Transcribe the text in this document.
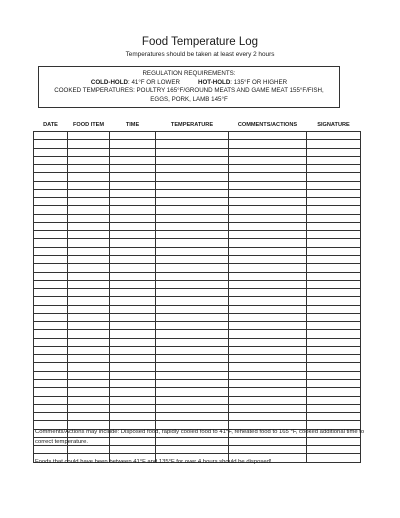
Food Temperature Log
Temperatures should be taken at least every 2 hours
REGULATION REQUIREMENTS:
COLD-HOLD: 41°F OR LOWER	HOT-HOLD: 135°F OR HIGHER
COOKED TEMPERATURES: POULTRY 165°F/GROUND MEATS AND GAME MEAT 155°F/FISH,
EGGS, PORK, LAMB 145°F
DATE	FOOD ITEM	TIME	TEMPERATURE	COMMENTS/ACTIONS	SIGNATURE

Comments/Actions may include: Disposed food, rapidly cooled food to 41°F, reheated food to 165 °F, cooked additional time to correct temperature.
Foods that could have been between 41°F and 135°F for over 4 hours should be disposed!
